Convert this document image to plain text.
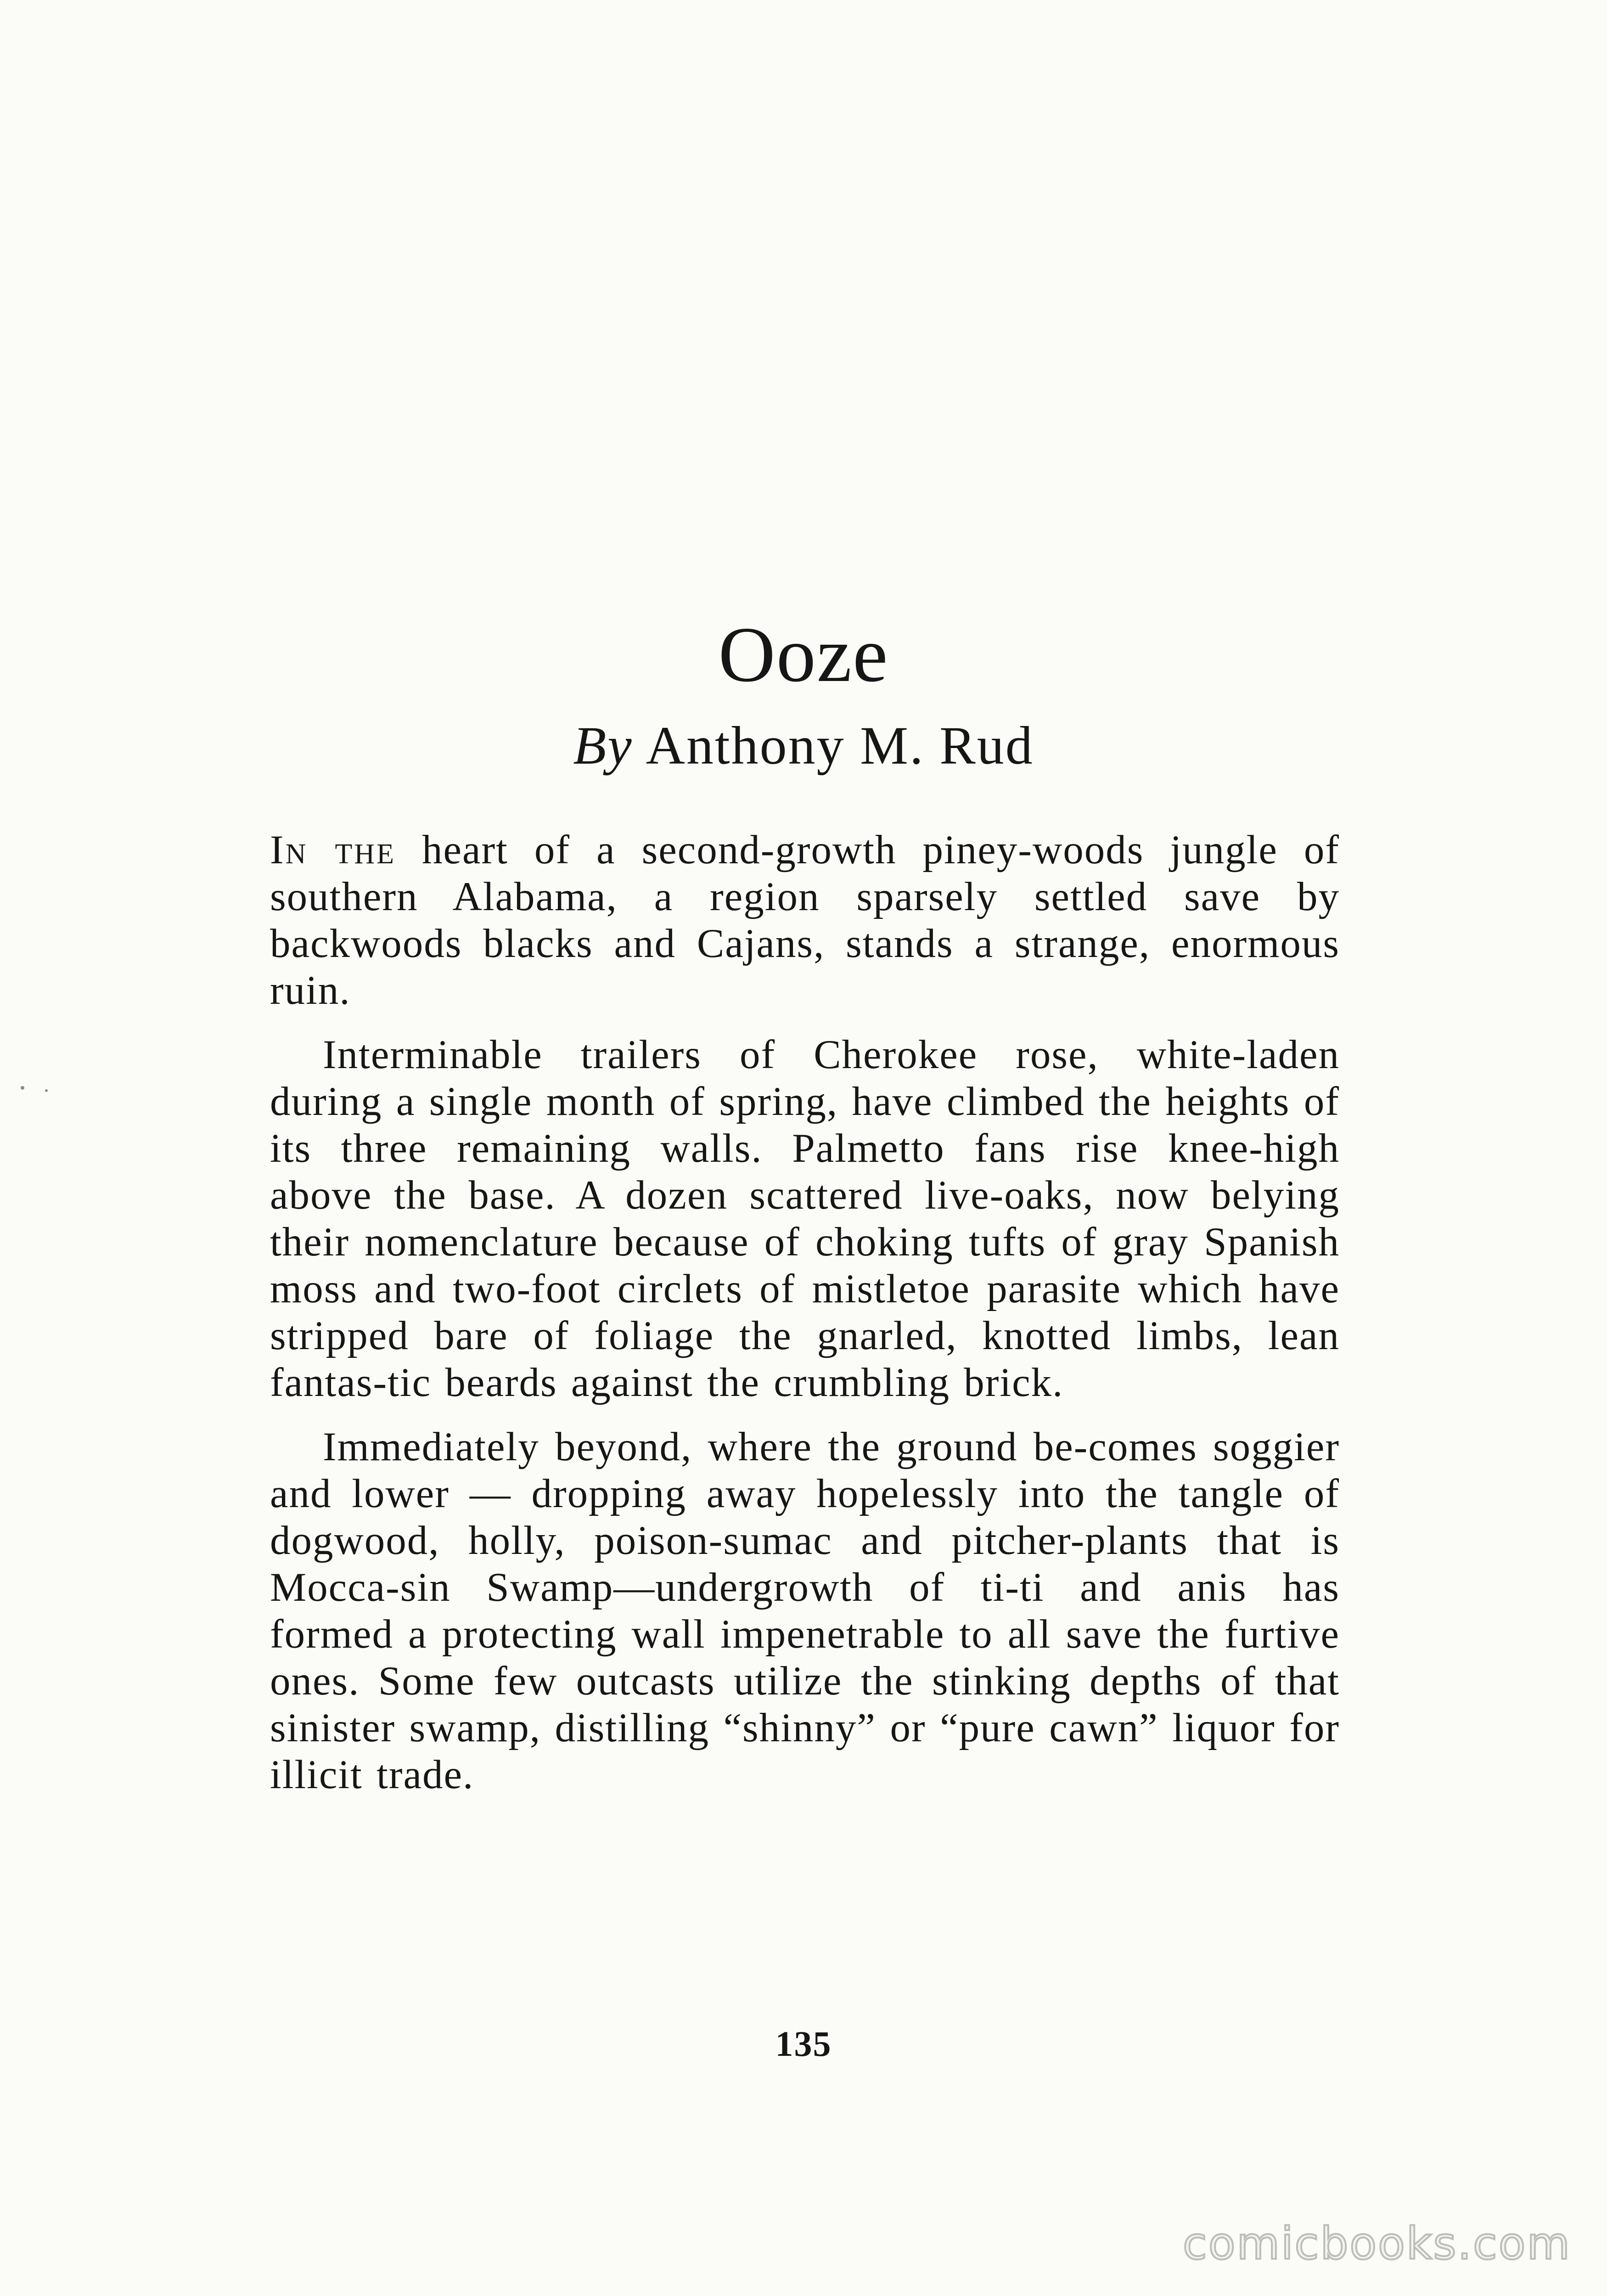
Ooze
By Anthony M. Rud

In the heart of a second-growth piney-woods jungle of southern Alabama, a region sparsely settled save by backwoods blacks and Cajans, stands a strange, enormous ruin.

Interminable trailers of Cherokee rose, white-laden during a single month of spring, have climbed the heights of its three remaining walls. Palmetto fans rise knee-high above the base. A dozen scattered live-oaks, now belying their nomenclature because of choking tufts of gray Spanish moss and two-foot circlets of mistletoe parasite which have stripped bare of foliage the gnarled, knotted limbs, lean fantas-tic beards against the crumbling brick.

Immediately beyond, where the ground be-comes soggier and lower — dropping away hopelessly into the tangle of dogwood, holly, poison-sumac and pitcher-plants that is Mocca-sin Swamp—undergrowth of ti-ti and anis has formed a protecting wall impenetrable to all save the furtive ones. Some few outcasts utilize the stinking depths of that sinister swamp, distilling “shinny” or “pure cawn” liquor for illicit trade.

135
comicbooks.com
